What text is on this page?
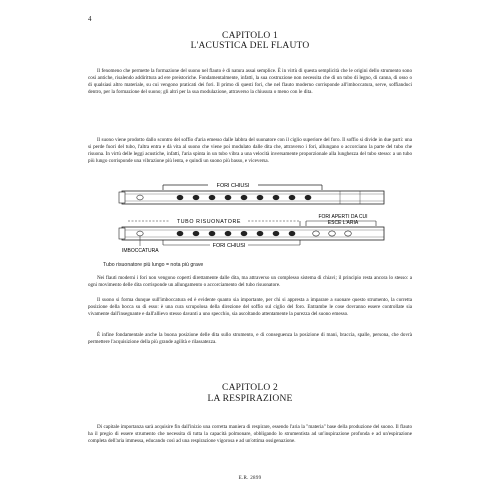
4
CAPITOLO 1
L'ACUSTICA DEL FLAUTO

Il fenomeno che permette la formazione del suono nel flauto è di natura assai semplice. È in virtù di questa semplicità che le origini dello strumento sono così antiche, risalendo addirittura ad ere preistoriche. Fondamentalmente, infatti, la sua costruzione non necessita che di un tubo di legno, di canna, di osso o di qualsiasi altro materiale, su cui vengono praticati dei fori. Il primo di questi fori, che nel flauto moderno corrisponde all'imboccatura, serve, soffiandoci dentro, per la formazione del suono; gli altri per la sua modulazione, attraverso la chiusura o meno con le dita.

Il suono viene prodotto dallo scontro del soffio d'aria emesso dalle labbra del suonatore con il ciglio superiore del foro. Il soffio si divide in due parti: una si perde fuori del tubo, l'altra entra e dà vita al suono che viene poi modulato dalle dita che, attraverso i fori, allungano o accorciano la parte del tubo che risuona. In virtù delle leggi acustiche, infatti, l'aria spinta in un tubo vibra a una velocità inversamente proporzionale alla lunghezza del tubo stesso: a un tubo più lungo corrisponde una vibrazione più lenta, e quindi un suono più basso, e viceversa.

FORI CHIUSI
TUBO RISUONATORE
FORI APERTI DA CUI
ESCE L'ARIA
IMBOCCATURA
FORI CHIUSI
Tubo risuonatore più lungo = nota più grave

Nei flauti moderni i fori non vengono coperti direttamente dalle dita, ma attraverso un complesso sistema di chiavi; il principio resta ancora lo stesso: a ogni movimento delle dita corrisponde un allungamento o accorciamento del tubo risuonatore.

Il suono si forma dunque sull'imboccatura ed è evidente quanto sia importante, per chi si appresta a imparare a suonare questo strumento, la corretta posizione della bocca su di esso: è una cura scrupolosa della direzione del soffio sul ciglio del foro. Entrambe le cose dovranno essere controllate sia vivamente dall'insegnante e dall'allievo stesso davanti a uno specchio, sia ascoltando attentamente la purezza del suono emesso.

È infine fondamentale anche la buona posizione delle dita sullo strumento, e di conseguenza la posizione di mani, braccia, spalle, persona, che dovrà permettere l'acquisizione della più grande agilità e rilassatezza.

CAPITOLO 2
LA RESPIRAZIONE

Di capitale importanza sarà acquisire fin dall'inizio una corretta maniera di respirare, essendo l'aria la "materia" base della produzione del suono. Il flauto ha il pregio di essere strumento che necessita di tutta la capacità polmonare, obbligando lo strumentista ad un'inspirazione profonda e ad un'espirazione completa dell'aria immessa, educando così ad una respirazione vigorosa e ad un'ottima ossigenazione.

E.R. 2899
